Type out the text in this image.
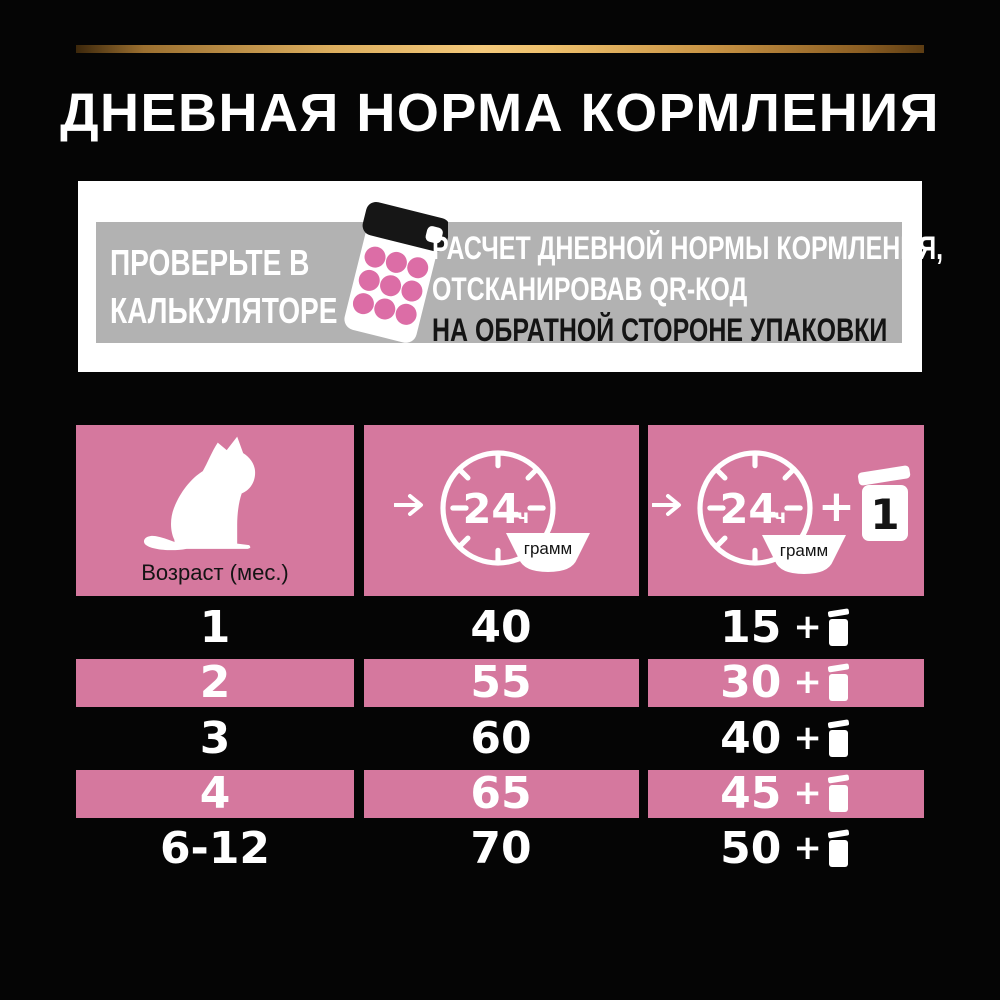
ДНЕВНАЯ НОРМА КОРМЛЕНИЯ
ПРОВЕРЬТЕ В
КАЛЬКУЛЯТОРЕ
РАСЧЕТ ДНЕВНОЙ НОРМЫ КОРМЛЕНИЯ,
ОТСКАНИРОВАВ QR-КОД
НА ОБРАТНОЙ СТОРОНЕ УПАКОВКИ
Возраст (мес.)
24
ч
грамм
24
ч + 1
грамм
1	40	15 +
2	55	30 +
3	60	40 +
4	65	45 +
6-12	70	50 +
